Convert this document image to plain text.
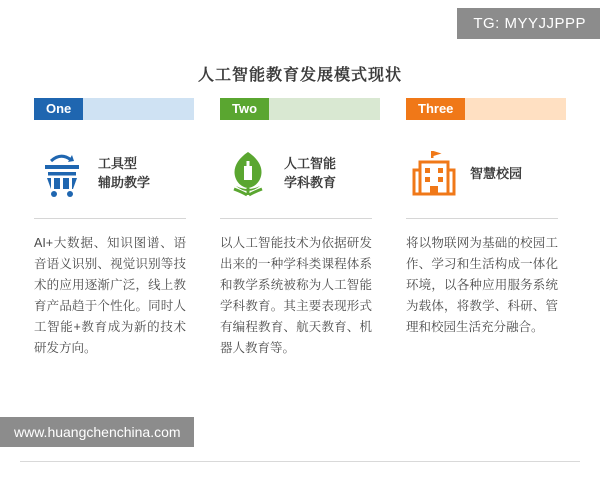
TG: MYYJJPPP
人工智能教育发展模式现状
One
工具型
辅助教学
AI+大数据、知识图谱、语音语义识别、视觉识别等技术的应用逐渐广泛，线上教育产品趋于个性化。同时人工智能+教育成为新的技术研发方向。
Two
人工智能
学科教育
以人工智能技术为依据研发出来的一种学科类课程体系和教学系统被称为人工智能学科教育。其主要表现形式有编程教育、航天教育、机器人教育等。
Three
智慧校园
将以物联网为基础的校园工作、学习和生活构成一体化环境，以各种应用服务系统为载体，将教学、科研、管理和校园生活充分融合。
www.huangchenchina.com
